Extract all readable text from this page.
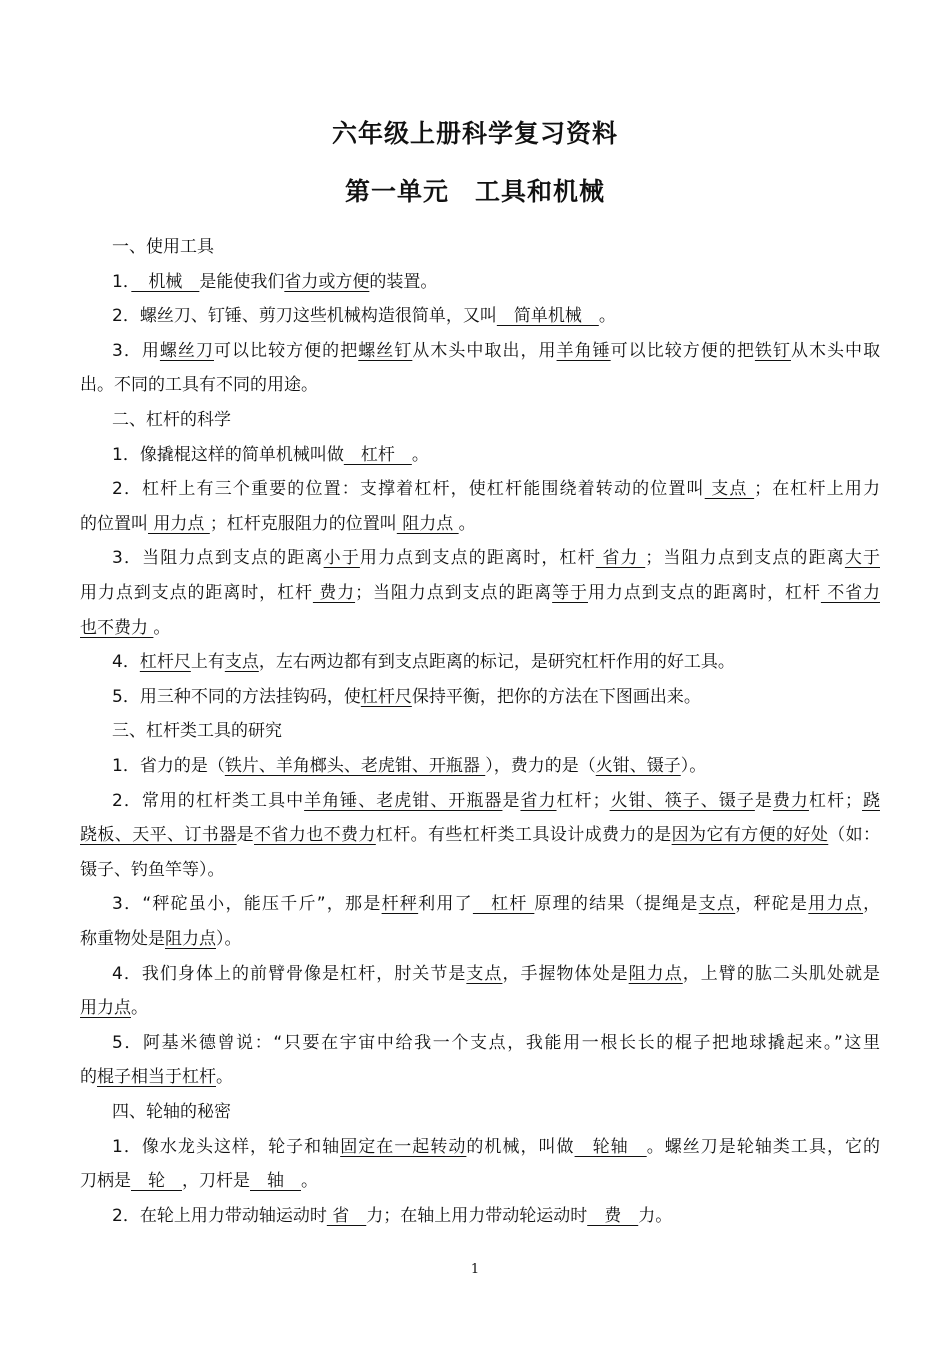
六年级上册科学复习资料
第一单元　工具和机械
一、使用工具
1．　机械　是能使我们省力或方便的装置。
2．螺丝刀、钉锤、剪刀这些机械构造很简单，又叫　简单机械　。
3．用螺丝刀可以比较方便的把螺丝钉从木头中取出，用羊角锤可以比较方便的把铁钉从木头中取
出。不同的工具有不同的用途。
二、杠杆的科学
1．像撬棍这样的简单机械叫做　杠杆　。
2．杠杆上有三个重要的位置：支撑着杠杆，使杠杆能围绕着转动的位置叫 支点 ；在杠杆上用力
的位置叫 用力点 ；杠杆克服阻力的位置叫 阻力点 。
3．当阻力点到支点的距离小于用力点到支点的距离时，杠杆 省力 ；当阻力点到支点的距离大于
用力点到支点的距离时，杠杆 费力；当阻力点到支点的距离等于用力点到支点的距离时，杠杆 不省力
也不费力 。
4．杠杆尺上有支点，左右两边都有到支点距离的标记，是研究杠杆作用的好工具。
5．用三种不同的方法挂钩码，使杠杆尺保持平衡，把你的方法在下图画出来。
三、杠杆类工具的研究
1．省力的是（铁片、羊角榔头、老虎钳、开瓶器 ），费力的是（火钳、镊子）。
2．常用的杠杆类工具中羊角锤、老虎钳、开瓶器是省力杠杆；火钳、筷子、镊子是费力杠杆；跷
跷板、天平、订书器是不省力也不费力杠杆。有些杠杆类工具设计成费力的是因为它有方便的好处（如：
镊子、钓鱼竿等）。
3．“秤砣虽小，能压千斤”，那是杆秤利用了　杠杆 原理的结果（提绳是支点，秤砣是用力点，
称重物处是阻力点）。
4．我们身体上的前臂骨像是杠杆，肘关节是支点，手握物体处是阻力点，上臂的肱二头肌处就是
用力点。
5．阿基米德曾说：“只要在宇宙中给我一个支点，我能用一根长长的棍子把地球撬起来。”这里
的棍子相当于杠杆。
四、轮轴的秘密
1．像水龙头这样，轮子和轴固定在一起转动的机械，叫做　轮轴　。螺丝刀是轮轴类工具，它的
刀柄是　轮　，刀杆是　轴　。
2．在轮上用力带动轴运动时 省　力；在轴上用力带动轮运动时　费　力。
1
